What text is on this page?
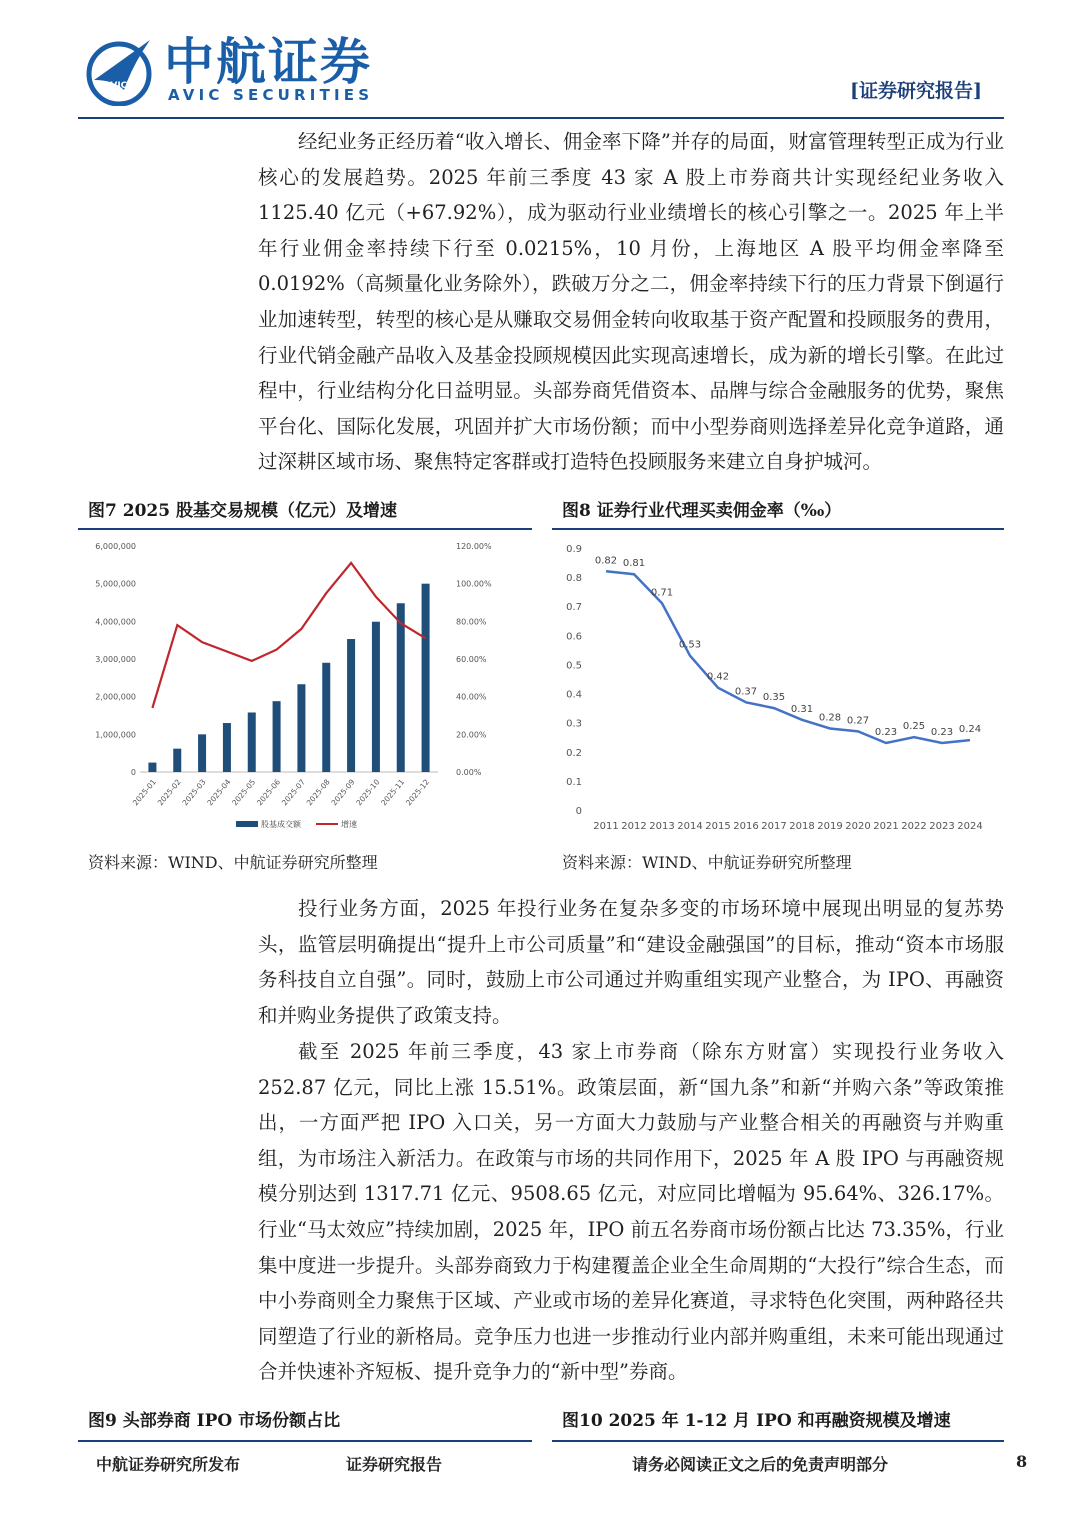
AVIC 中航证券
AVIC SECURITIES	[证券研究报告]

经纪业务正经历着“收入增长、佣金率下降”并存的局面，财富管理转型正成为行业核心的发展趋势。2025 年前三季度 43 家 A 股上市券商共计实现经纪业务收入 1125.40 亿元（+67.92%），成为驱动行业业绩增长的核心引擎之一。2025 年上半年行业佣金率持续下行至 0.0215%，10 月份，上海地区 A 股平均佣金率降至 0.0192%（高频量化业务除外），跌破万分之二，佣金率持续下行的压力背景下倒逼行业加速转型，转型的核心是从赚取交易佣金转向收取基于资产配置和投顾服务的费用，行业代销金融产品收入及基金投顾规模因此实现高速增长，成为新的增长引擎。在此过程中，行业结构分化日益明显。头部券商凭借资本、品牌与综合金融服务的优势，聚焦平台化、国际化发展，巩固并扩大市场份额；而中小型券商则选择差异化竞争道路，通过深耕区域市场、聚焦特定客群或打造特色投顾服务来建立自身护城河。

图7 2025 股基交易规模（亿元）及增速	图8 证券行业代理买卖佣金率（‰）
0
1,000,000
2,000,000
3,000,000
4,000,000
5,000,000
6,000,000
0.00%
20.00%
40.00%
60.00%
80.00%
100.00%
120.00%
2025-01
2025-02
2025-03
2025-04
2025-05
2025-06
2025-07
2025-08
2025-09
2025-10
2025-11
2025-12
股基成交额	增速
0
0.1
0.2
0.3
0.4
0.5
0.6
0.7
0.8
0.9
0.82 0.81
0.71
0.53
0.42
0.37
0.35
0.31
0.28 0.27
0.23
0.25
0.23 0.24
2011 2012 2013 2014 2015 2016 2017 2018 2019 2020 2021 2022 2023 2024
资料来源：WIND、中航证券研究所整理	资料来源：WIND、中航证券研究所整理

投行业务方面，2025 年投行业务在复杂多变的市场环境中展现出明显的复苏势头，监管层明确提出“提升上市公司质量”和“建设金融强国”的目标，推动“资本市场服务科技自立自强”。同时，鼓励上市公司通过并购重组实现产业整合，为 IPO、再融资和并购业务提供了政策支持。

截至 2025 年前三季度，43 家上市券商（除东方财富）实现投行业务收入 252.87 亿元，同比上涨 15.51%。政策层面，新“国九条”和新“并购六条”等政策推出，一方面严把 IPO 入口关，另一方面大力鼓励与产业整合相关的再融资与并购重组，为市场注入新活力。在政策与市场的共同作用下，2025 年 A 股 IPO 与再融资规模分别达到 1317.71 亿元、9508.65 亿元，对应同比增幅为 95.64%、326.17%。行业“马太效应”持续加剧，2025 年，IPO 前五名券商市场份额占比达 73.35%，行业集中度进一步提升。头部券商致力于构建覆盖企业全生命周期的“大投行”综合生态，而中小券商则全力聚焦于区域、产业或市场的差异化赛道，寻求特色化突围，两种路径共同塑造了行业的新格局。竞争压力也进一步推动行业内部并购重组，未来可能出现通过合并快速补齐短板、提升竞争力的“新中型”券商。

图9 头部券商 IPO 市场份额占比	图10 2025 年 1-12 月 IPO 和再融资规模及增速
中航证券研究所发布	证券研究报告	请务必阅读正文之后的免责声明部分	8
